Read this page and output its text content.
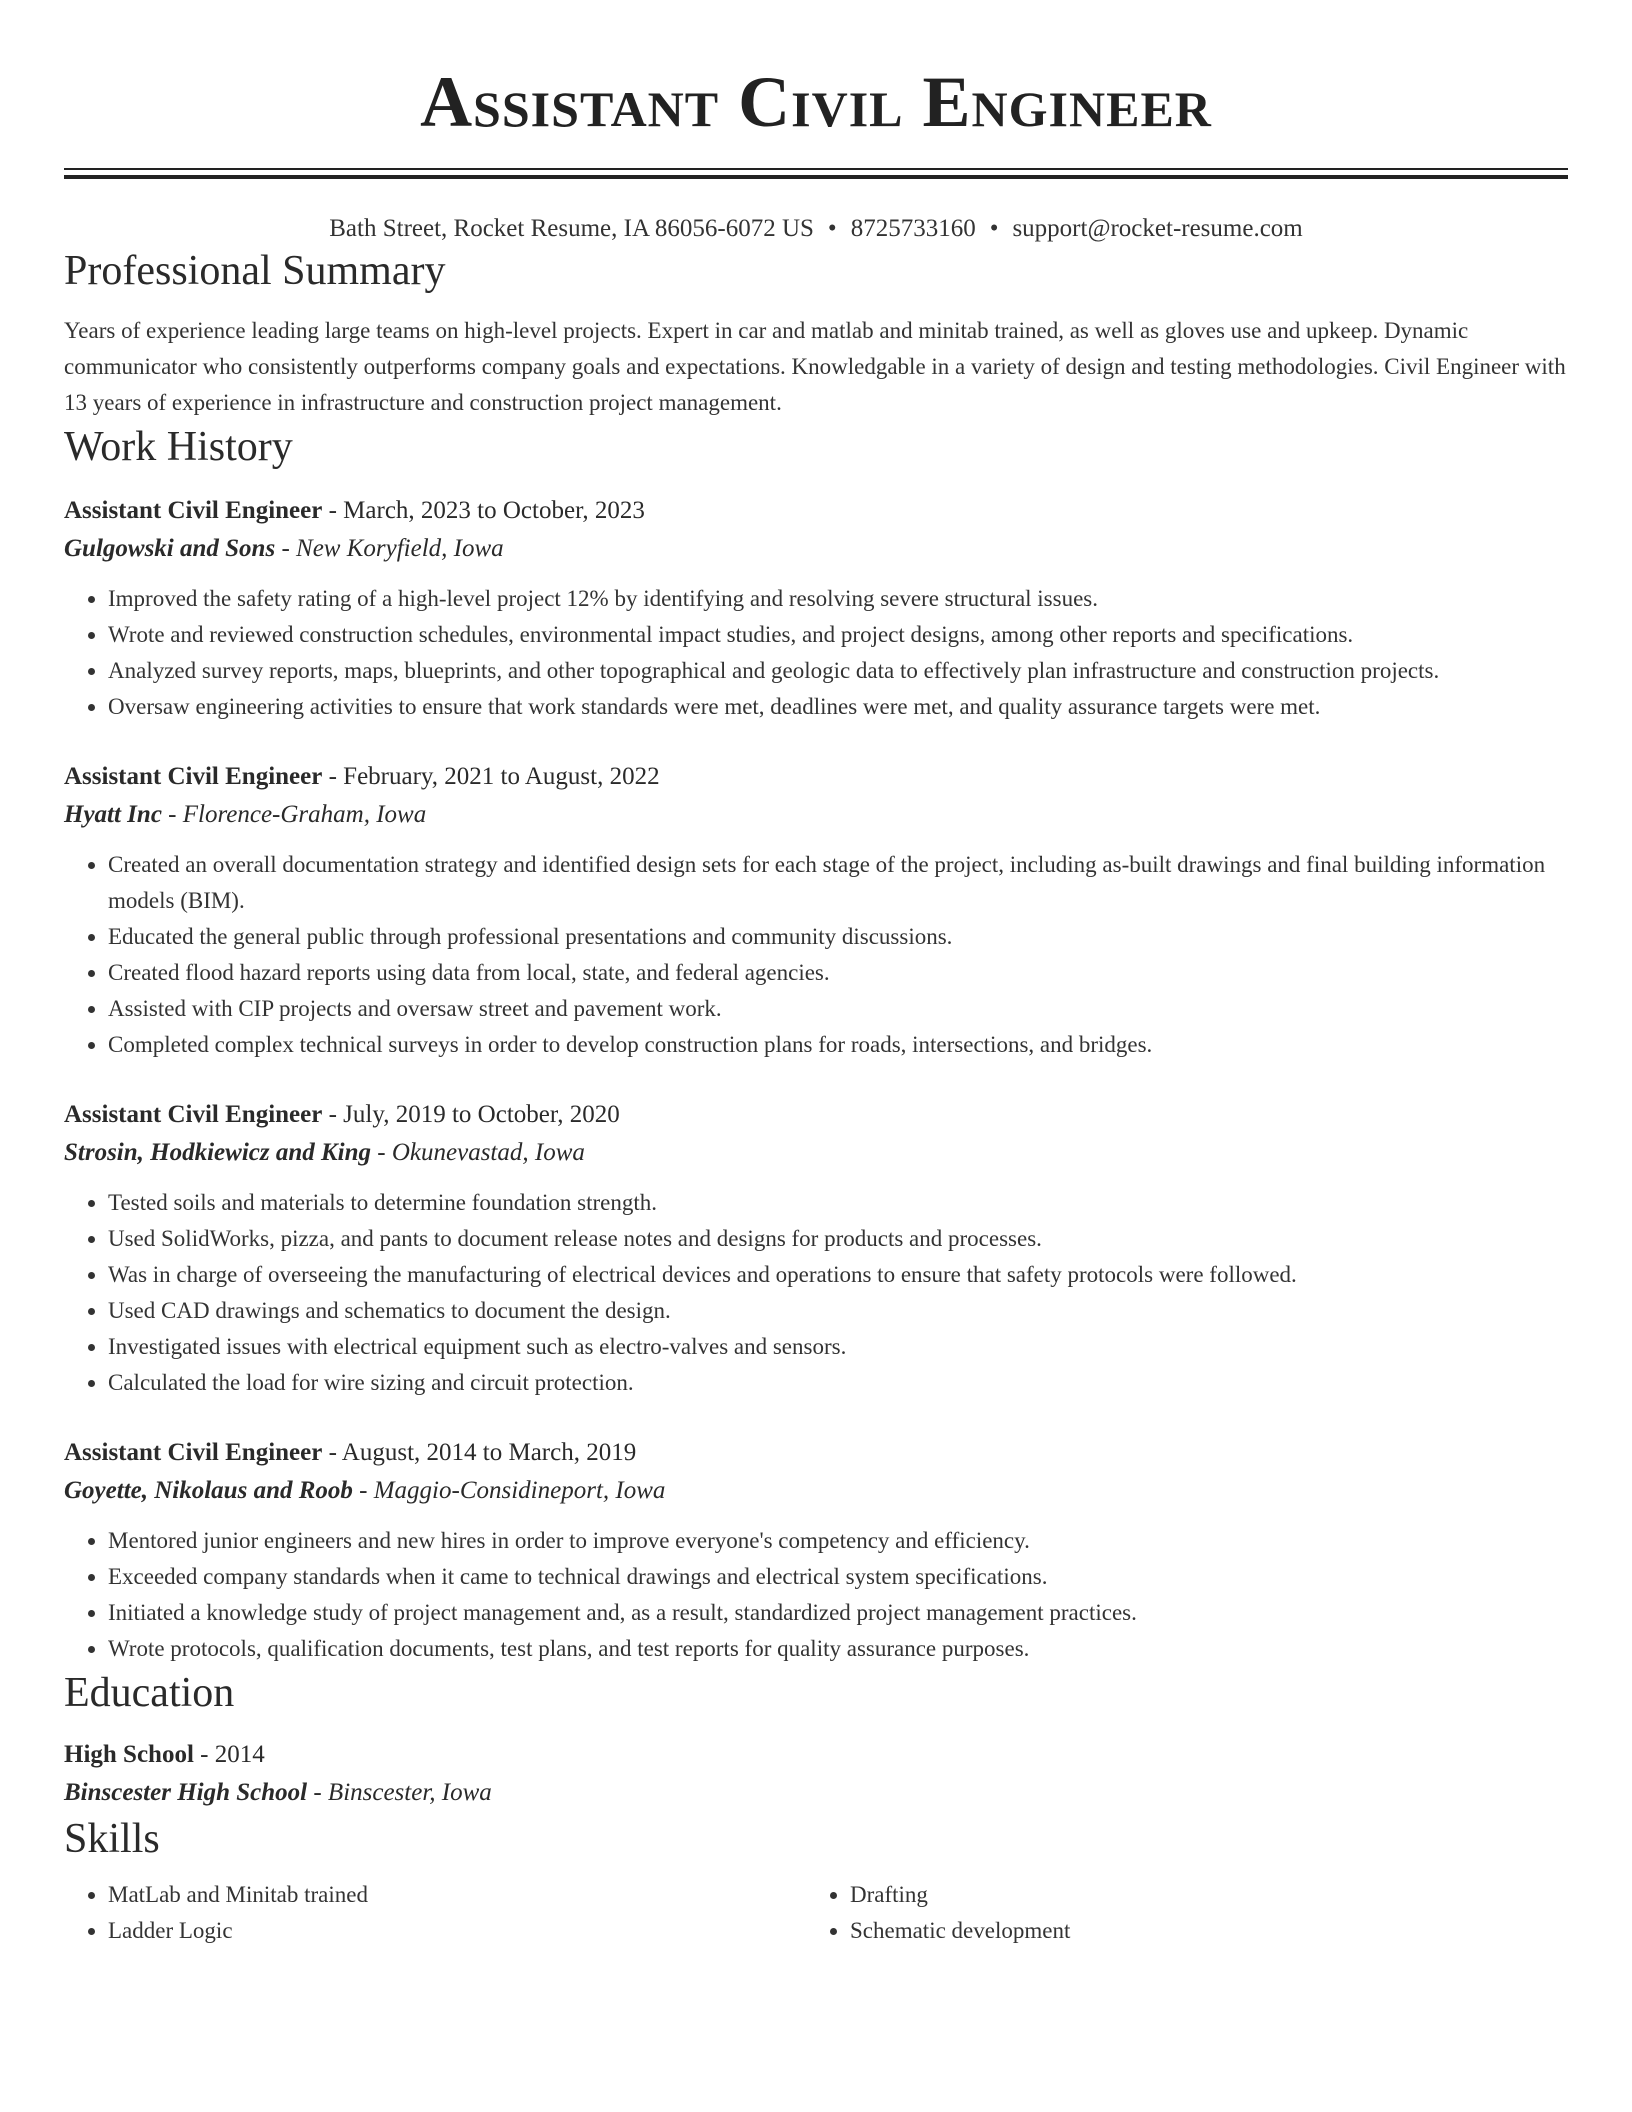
Assistant Civil Engineer
Bath Street, Rocket Resume, IA 86056-6072 US • 8725733160 • support@rocket-resume.com
Professional Summary
Years of experience leading large teams on high-level projects. Expert in car and matlab and minitab trained, as well as gloves use and upkeep. Dynamic communicator who consistently outperforms company goals and expectations. Knowledgable in a variety of design and testing methodologies. Civil Engineer with 13 years of experience in infrastructure and construction project management.
Work History
Assistant Civil Engineer - March, 2023 to October, 2023
Gulgowski and Sons - New Koryfield, Iowa
• Improved the safety rating of a high-level project 12% by identifying and resolving severe structural issues.
• Wrote and reviewed construction schedules, environmental impact studies, and project designs, among other reports and specifications.
• Analyzed survey reports, maps, blueprints, and other topographical and geologic data to effectively plan infrastructure and construction projects.
• Oversaw engineering activities to ensure that work standards were met, deadlines were met, and quality assurance targets were met.
Assistant Civil Engineer - February, 2021 to August, 2022
Hyatt Inc - Florence-Graham, Iowa
• Created an overall documentation strategy and identified design sets for each stage of the project, including as-built drawings and final building information models (BIM).
• Educated the general public through professional presentations and community discussions.
• Created flood hazard reports using data from local, state, and federal agencies.
• Assisted with CIP projects and oversaw street and pavement work.
• Completed complex technical surveys in order to develop construction plans for roads, intersections, and bridges.
Assistant Civil Engineer - July, 2019 to October, 2020
Strosin, Hodkiewicz and King - Okunevastad, Iowa
• Tested soils and materials to determine foundation strength.
• Used SolidWorks, pizza, and pants to document release notes and designs for products and processes.
• Was in charge of overseeing the manufacturing of electrical devices and operations to ensure that safety protocols were followed.
• Used CAD drawings and schematics to document the design.
• Investigated issues with electrical equipment such as electro-valves and sensors.
• Calculated the load for wire sizing and circuit protection.
Assistant Civil Engineer - August, 2014 to March, 2019
Goyette, Nikolaus and Roob - Maggio-Considineport, Iowa
• Mentored junior engineers and new hires in order to improve everyone's competency and efficiency.
• Exceeded company standards when it came to technical drawings and electrical system specifications.
• Initiated a knowledge study of project management and, as a result, standardized project management practices.
• Wrote protocols, qualification documents, test plans, and test reports for quality assurance purposes.
Education
High School - 2014
Binscester High School - Binscester, Iowa
Skills
• MatLab and Minitab trained
• Ladder Logic
• Drafting
• Schematic development
